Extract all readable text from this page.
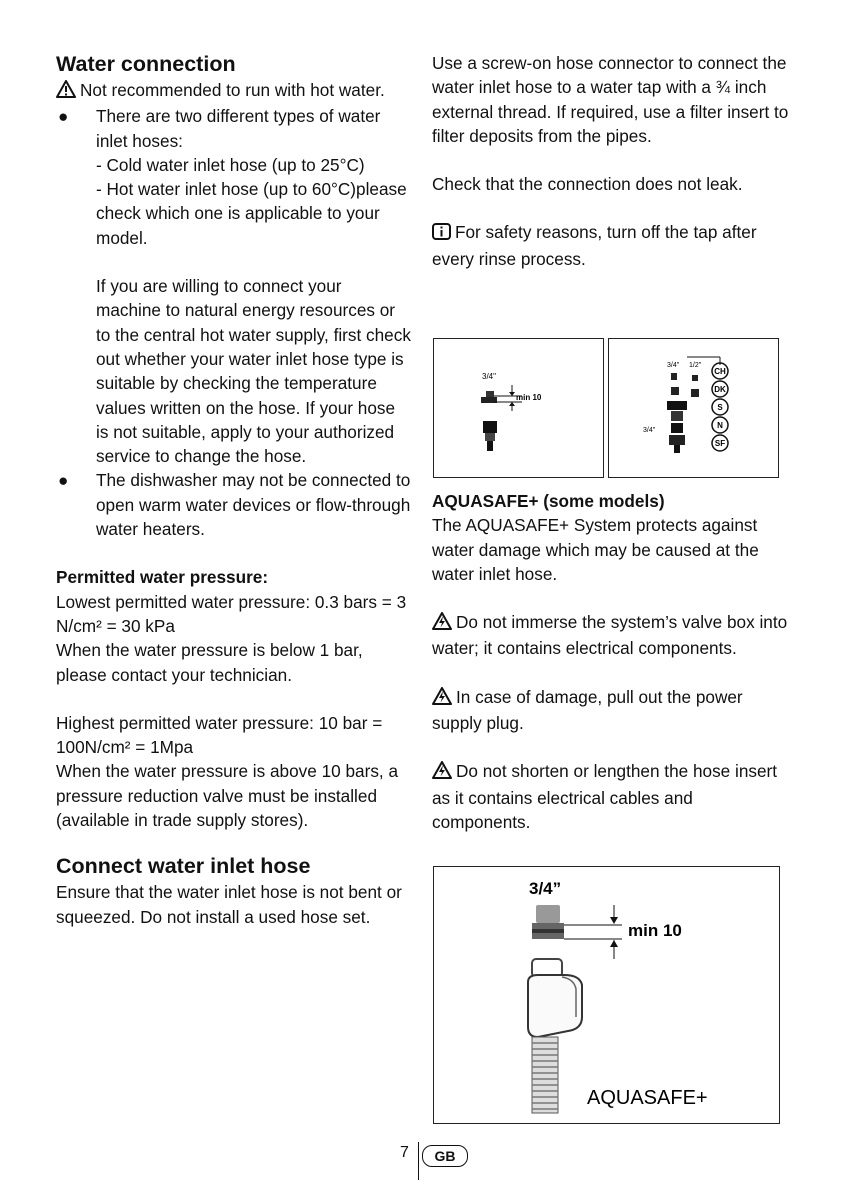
Water connection

Not recommended to run with hot water.

● There are two different types of water inlet hoses:

- Cold water inlet hose (up to 25°C)

- Hot water inlet hose (up to 60°C)please check which one is applicable to your model.

If you are willing to connect your machine to natural energy resources or to the central hot water supply, first check out whether your water inlet hose type is suitable by checking the temperature values written on the hose. If your hose is not suitable, apply to your authorized service to change the hose.

● The dishwasher may not be connected to open warm water devices or flow-through water heaters.

Permitted water pressure:

Lowest permitted water pressure: 0.3 bars = 3 N/cm² = 30 kPa

When the water pressure is below 1 bar, please contact your technician.

Highest permitted water pressure: 10 bar = 100N/cm² = 1Mpa

When the water pressure is above 10 bars, a pressure reduction valve must be installed (available in trade supply stores).

Connect water inlet hose

Ensure that the water inlet hose is not bent or squeezed. Do not install a used hose set.

Use a screw-on hose connector to connect the water inlet hose to a water tap with a ¾ inch external thread. If required, use a filter insert to filter deposits from the pipes.

Check that the connection does not leak.

For safety reasons, turn off the tap after every rinse process.

AQUASAFE+ (some models)

The AQUASAFE+ System protects against water damage which may be caused at the water inlet hose.

Do not immerse the system’s valve box into water; it contains electrical components.

In case of damage, pull out the power supply plug.

Do not shorten or lengthen the hose insert as it contains electrical cables and components.

3/4"
min 10
3/4" 1/2"
3/4"
CH
DK
S
N
SF
3/4”
min 10
AQUASAFE+
7	GB
